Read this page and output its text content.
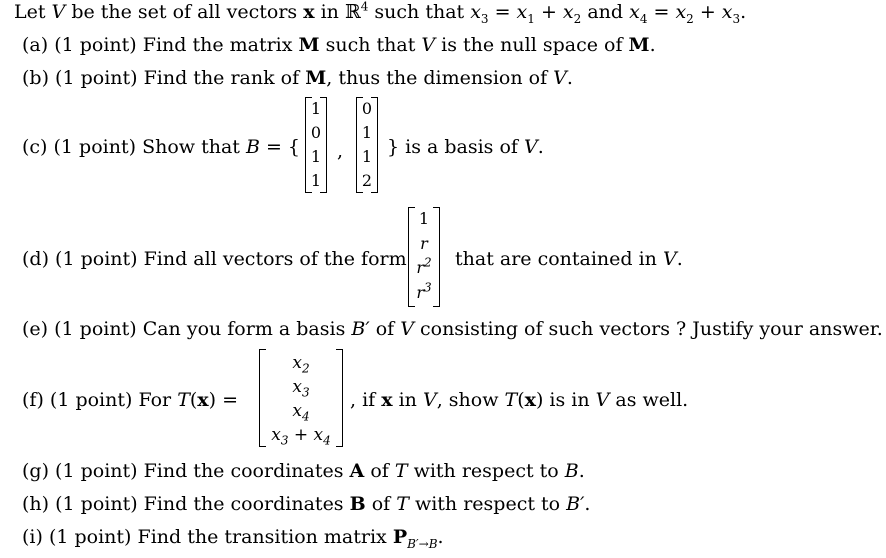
Let V be the set of all vectors x in ℝ$^4$ such that $x_3 = x_1 + x_2$ and $x_4 = x_2 + x_3$.
(a) (1 point) Find the matrix M such that V is the null space of M.
(b) (1 point) Find the rank of M, thus the dimension of V.
(c) (1 point) Show that B = {
1
0
1
1
,
0
1
1
2
} is a basis of V.
(d) (1 point) Find all vectors of the form
1
r
$r^2$
$r^3$
that are contained in V.
(e) (1 point) Can you form a basis B′ of V consisting of such vectors ? Justify your answer.
(f) (1 point) For T(x) =
$x_2$
$x_3$
$x_4$
$x_3 + x_4$
, if x in V, show T(x) is in V as well.
(g) (1 point) Find the coordinates A of T with respect to B.
(h) (1 point) Find the coordinates B of T with respect to B′.
(i) (1 point) Find the transition matrix $P_{B'\to B}$.
